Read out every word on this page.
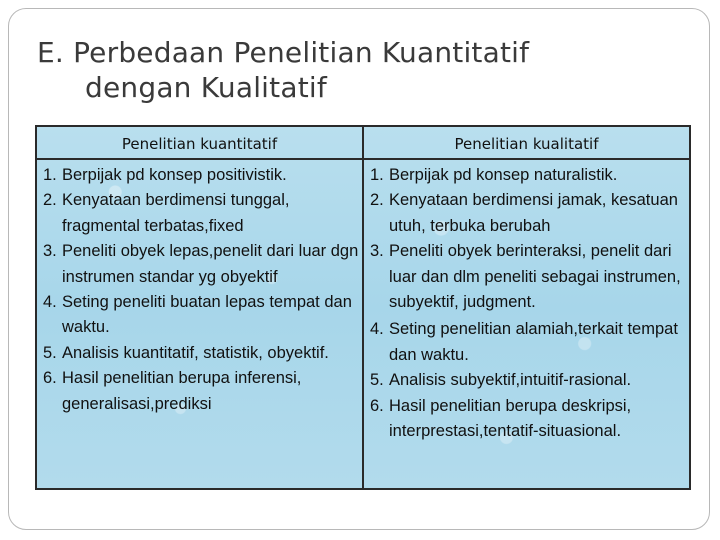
E. Perbedaan Penelitian Kuantitatif
dengan Kualitatif
Penelitian kuantitatif	Penelitian kualitatif
1. Berpijak pd konsep positivistik.
2. Kenyataan berdimensi tunggal, fragmental terbatas,fixed
3. Peneliti obyek lepas,penelit dari luar dgn instrumen standar yg obyektif
4. Seting peneliti buatan lepas tempat dan waktu.
5. Analisis kuantitatif, statistik, obyektif.
6. Hasil penelitian berupa inferensi, generalisasi,prediksi
1. Berpijak pd konsep naturalistik.
2. Kenyataan berdimensi jamak, kesatuan utuh, terbuka berubah
3. Peneliti obyek berinteraksi, penelit dari luar dan dlm peneliti sebagai instrumen, subyektif, judgment.
4. Seting penelitian alamiah,terkait tempat dan waktu.
5. Analisis subyektif,intuitif-rasional.
6. Hasil penelitian berupa deskripsi, interprestasi,tentatif-situasional.
